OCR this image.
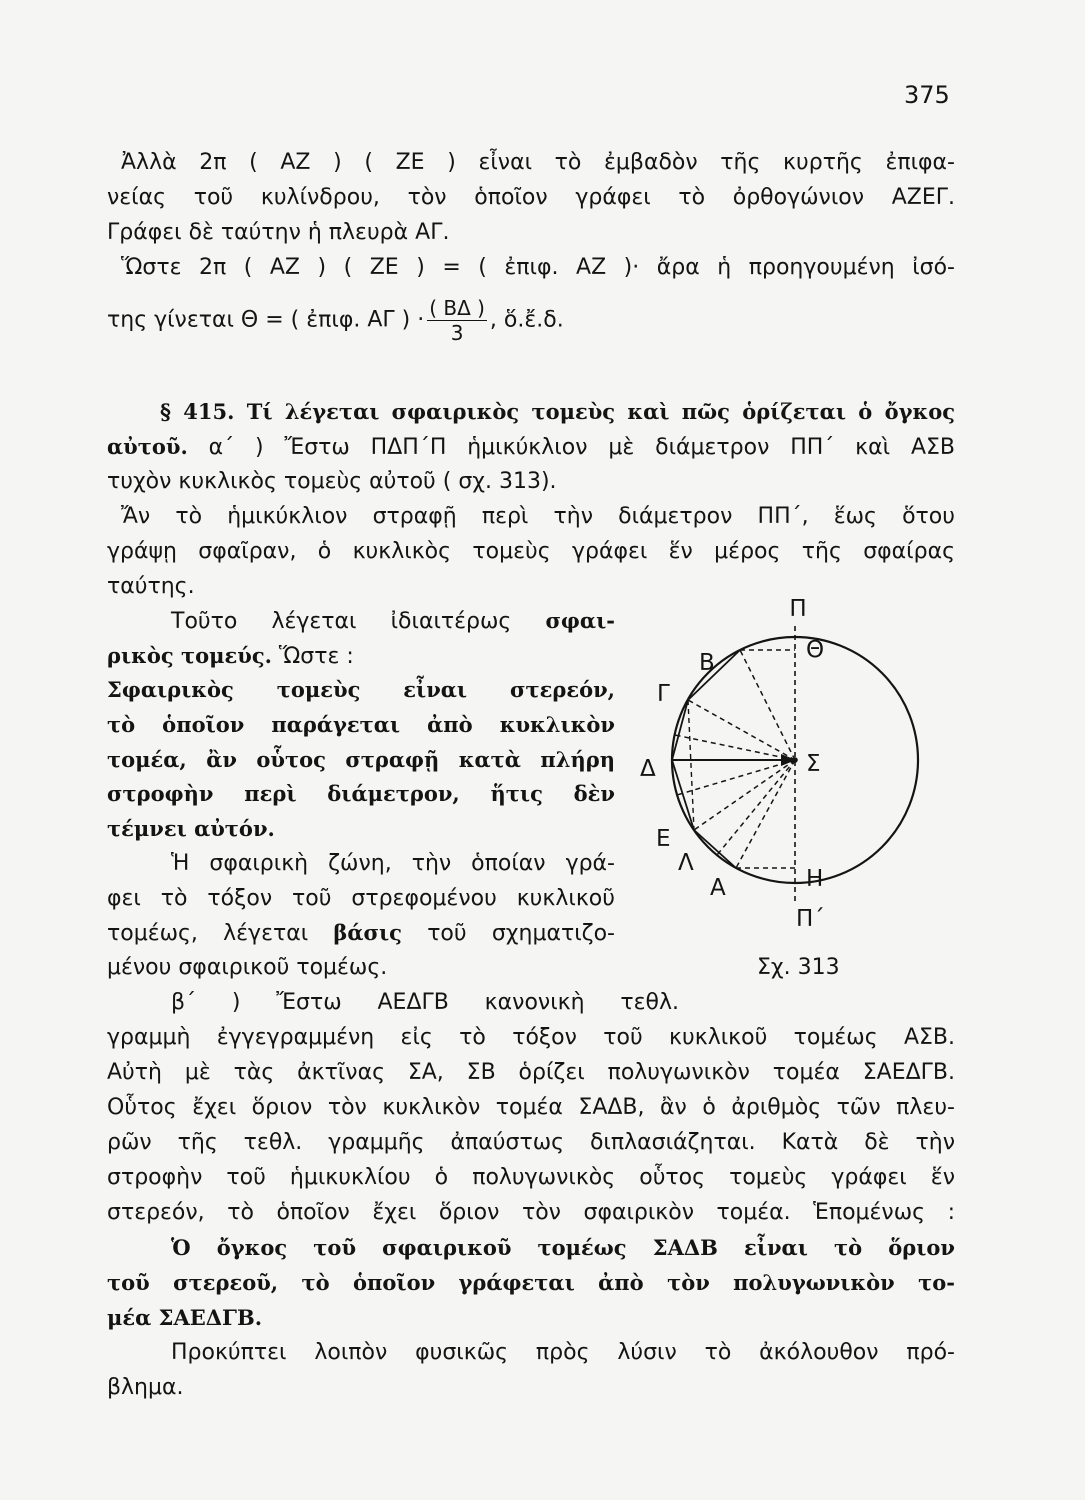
375
Ἀλλὰ 2π ( ΑΖ ) ( ΖΕ ) εἶναι τὸ ἐμβαδὸν τῆς κυρτῆς ἐπιφα-
νείας τοῦ κυλίνδρου, τὸν ὁποῖον γράφει τὸ ὀρθογώνιον ΑΖΕΓ.
Γράφει δὲ ταύτην ἡ πλευρὰ ΑΓ.
Ὥστε 2π ( ΑΖ ) ( ΖΕ ) = ( ἐπιφ. ΑΖ )· ἄρα ἡ προηγουμένη ἰσό-
της γίνεται Θ = ( ἐπιφ. ΑΓ ) · $\frac{( B\Delta )}{3}$ , ὅ.ἔ.δ.
§ 415. Τί λέγεται σφαιρικὸς τομεὺς καὶ πῶς ὁρίζεται ὁ ὄγκος
αὐτοῦ. α΄ ) Ἔστω ΠΔΠ΄Π ἡμικύκλιον μὲ διάμετρον ΠΠ΄ καὶ ΑΣΒ
τυχὸν κυκλικὸς τομεὺς αὐτοῦ ( σχ. 313).
Ἄν τὸ ἡμικύκλιον στραφῇ περὶ τὴν διάμετρον ΠΠ΄, ἕως ὅτου
γράψῃ σφαῖραν, ὁ κυκλικὸς τομεὺς γράφει ἕν μέρος τῆς σφαίρας
ταύτης.
Τοῦτο λέγεται ἰδιαιτέρως σφαι-
ρικὸς τομεύς. Ὥστε :
Σφαιρικὸς τομεὺς εἶναι στερεόν,
τὸ ὁποῖον παράγεται ἀπὸ κυκλικὸν
τομέα, ἂν οὗτος στραφῇ κατὰ πλήρη
στροφὴν περὶ διάμετρον, ἥτις δὲν
τέμνει αὐτόν.
Ἡ σφαιρικὴ ζώνη, τὴν ὁποίαν γρά-
φει τὸ τόξον τοῦ στρεφομένου κυκλικοῦ
τομέως, λέγεται βάσις τοῦ σχηματιζο-
μένου σφαιρικοῦ τομέως.
β΄ ) Ἔστω ΑΕΔΓΒ κανονικὴ τεθλ.
γραμμὴ ἐγγεγραμμένη εἰς τὸ τόξον τοῦ κυκλικοῦ τομέως ΑΣΒ.
Αὐτὴ μὲ τὰς ἀκτῖνας ΣΑ, ΣΒ ὁρίζει πολυγωνικὸν τομέα ΣΑΕΔΓΒ.
Οὗτος ἔχει ὅριον τὸν κυκλικὸν τομέα ΣΑΔΒ, ἂν ὁ ἀριθμὸς τῶν πλευ-
ρῶν τῆς τεθλ. γραμμῆς ἀπαύστως διπλασιάζηται. Κατὰ δὲ τὴν
στροφὴν τοῦ ἡμικυκλίου ὁ πολυγωνικὸς οὗτος τομεὺς γράφει ἕν
στερεόν, τὸ ὁποῖον ἔχει ὅριον τὸν σφαιρικὸν τομέα. Ἑπομένως :
Ὁ ὄγκος τοῦ σφαιρικοῦ τομέως ΣΑΔΒ εἶναι τὸ ὅριον
τοῦ στερεοῦ, τὸ ὁποῖον γράφεται ἀπὸ τὸν πολυγωνικὸν το-
μέα ΣΑΕΔΓΒ.
Προκύπτει λοιπὸν φυσικῶς πρὸς λύσιν τὸ ἀκόλουθον πρό-
βλημα.
Π
Θ
Β
Γ
Δ	Σ
Ε
Λ
Α	Η
Π΄
Σχ. 313
